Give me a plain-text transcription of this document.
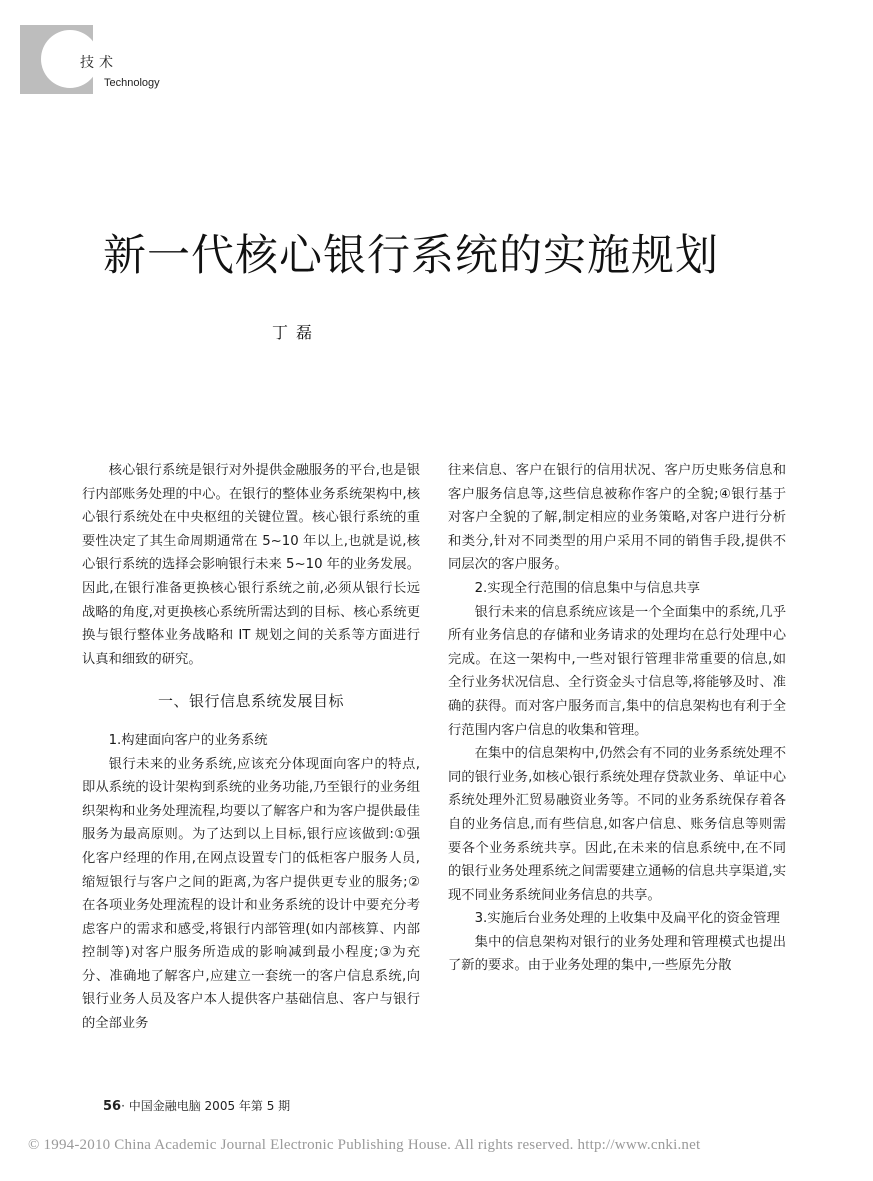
技术
Technology
新一代核心银行系统的实施规划
丁磊

核心银行系统是银行对外提供金融服务的平台,也是银行内部账务处理的中心。在银行的整体业务系统架构中,核心银行系统处在中央枢纽的关键位置。核心银行系统的重要性决定了其生命周期通常在 5~10 年以上,也就是说,核心银行系统的选择会影响银行未来 5~10 年的业务发展。因此,在银行准备更换核心银行系统之前,必须从银行长远战略的角度,对更换核心系统所需达到的目标、核心系统更换与银行整体业务战略和 IT 规划之间的关系等方面进行认真和细致的研究。

一、银行信息系统发展目标
1.构建面向客户的业务系统

银行未来的业务系统,应该充分体现面向客户的特点,即从系统的设计架构到系统的业务功能,乃至银行的业务组织架构和业务处理流程,均要以了解客户和为客户提供最佳服务为最高原则。为了达到以上目标,银行应该做到:①强化客户经理的作用,在网点设置专门的低柜客户服务人员,缩短银行与客户之间的距离,为客户提供更专业的服务;②在各项业务处理流程的设计和业务系统的设计中要充分考虑客户的需求和感受,将银行内部管理(如内部核算、内部控制等)对客户服务所造成的影响减到最小程度;③为充分、准确地了解客户,应建立一套统一的客户信息系统,向银行业务人员及客户本人提供客户基础信息、客户与银行的全部业务

往来信息、客户在银行的信用状况、客户历史账务信息和客户服务信息等,这些信息被称作客户的全貌;④银行基于对客户全貌的了解,制定相应的业务策略,对客户进行分析和类分,针对不同类型的用户采用不同的销售手段,提供不同层次的客户服务。

2.实现全行范围的信息集中与信息共享

银行未来的信息系统应该是一个全面集中的系统,几乎所有业务信息的存储和业务请求的处理均在总行处理中心完成。在这一架构中,一些对银行管理非常重要的信息,如全行业务状况信息、全行资金头寸信息等,将能够及时、准确的获得。而对客户服务而言,集中的信息架构也有利于全行范围内客户信息的收集和管理。

在集中的信息架构中,仍然会有不同的业务系统处理不同的银行业务,如核心银行系统处理存贷款业务、单证中心系统处理外汇贸易融资业务等。不同的业务系统保存着各自的业务信息,而有些信息,如客户信息、账务信息等则需要各个业务系统共享。因此,在未来的信息系统中,在不同的银行业务处理系统之间需要建立通畅的信息共享渠道,实现不同业务系统间业务信息的共享。

3.实施后台业务处理的上收集中及扁平化的资金管理

集中的信息架构对银行的业务处理和管理模式也提出了新的要求。由于业务处理的集中,一些原先分散

56· 中国金融电脑 2005 年第 5 期
© 1994-2010 China Academic Journal Electronic Publishing House. All rights reserved. http://www.cnki.net
